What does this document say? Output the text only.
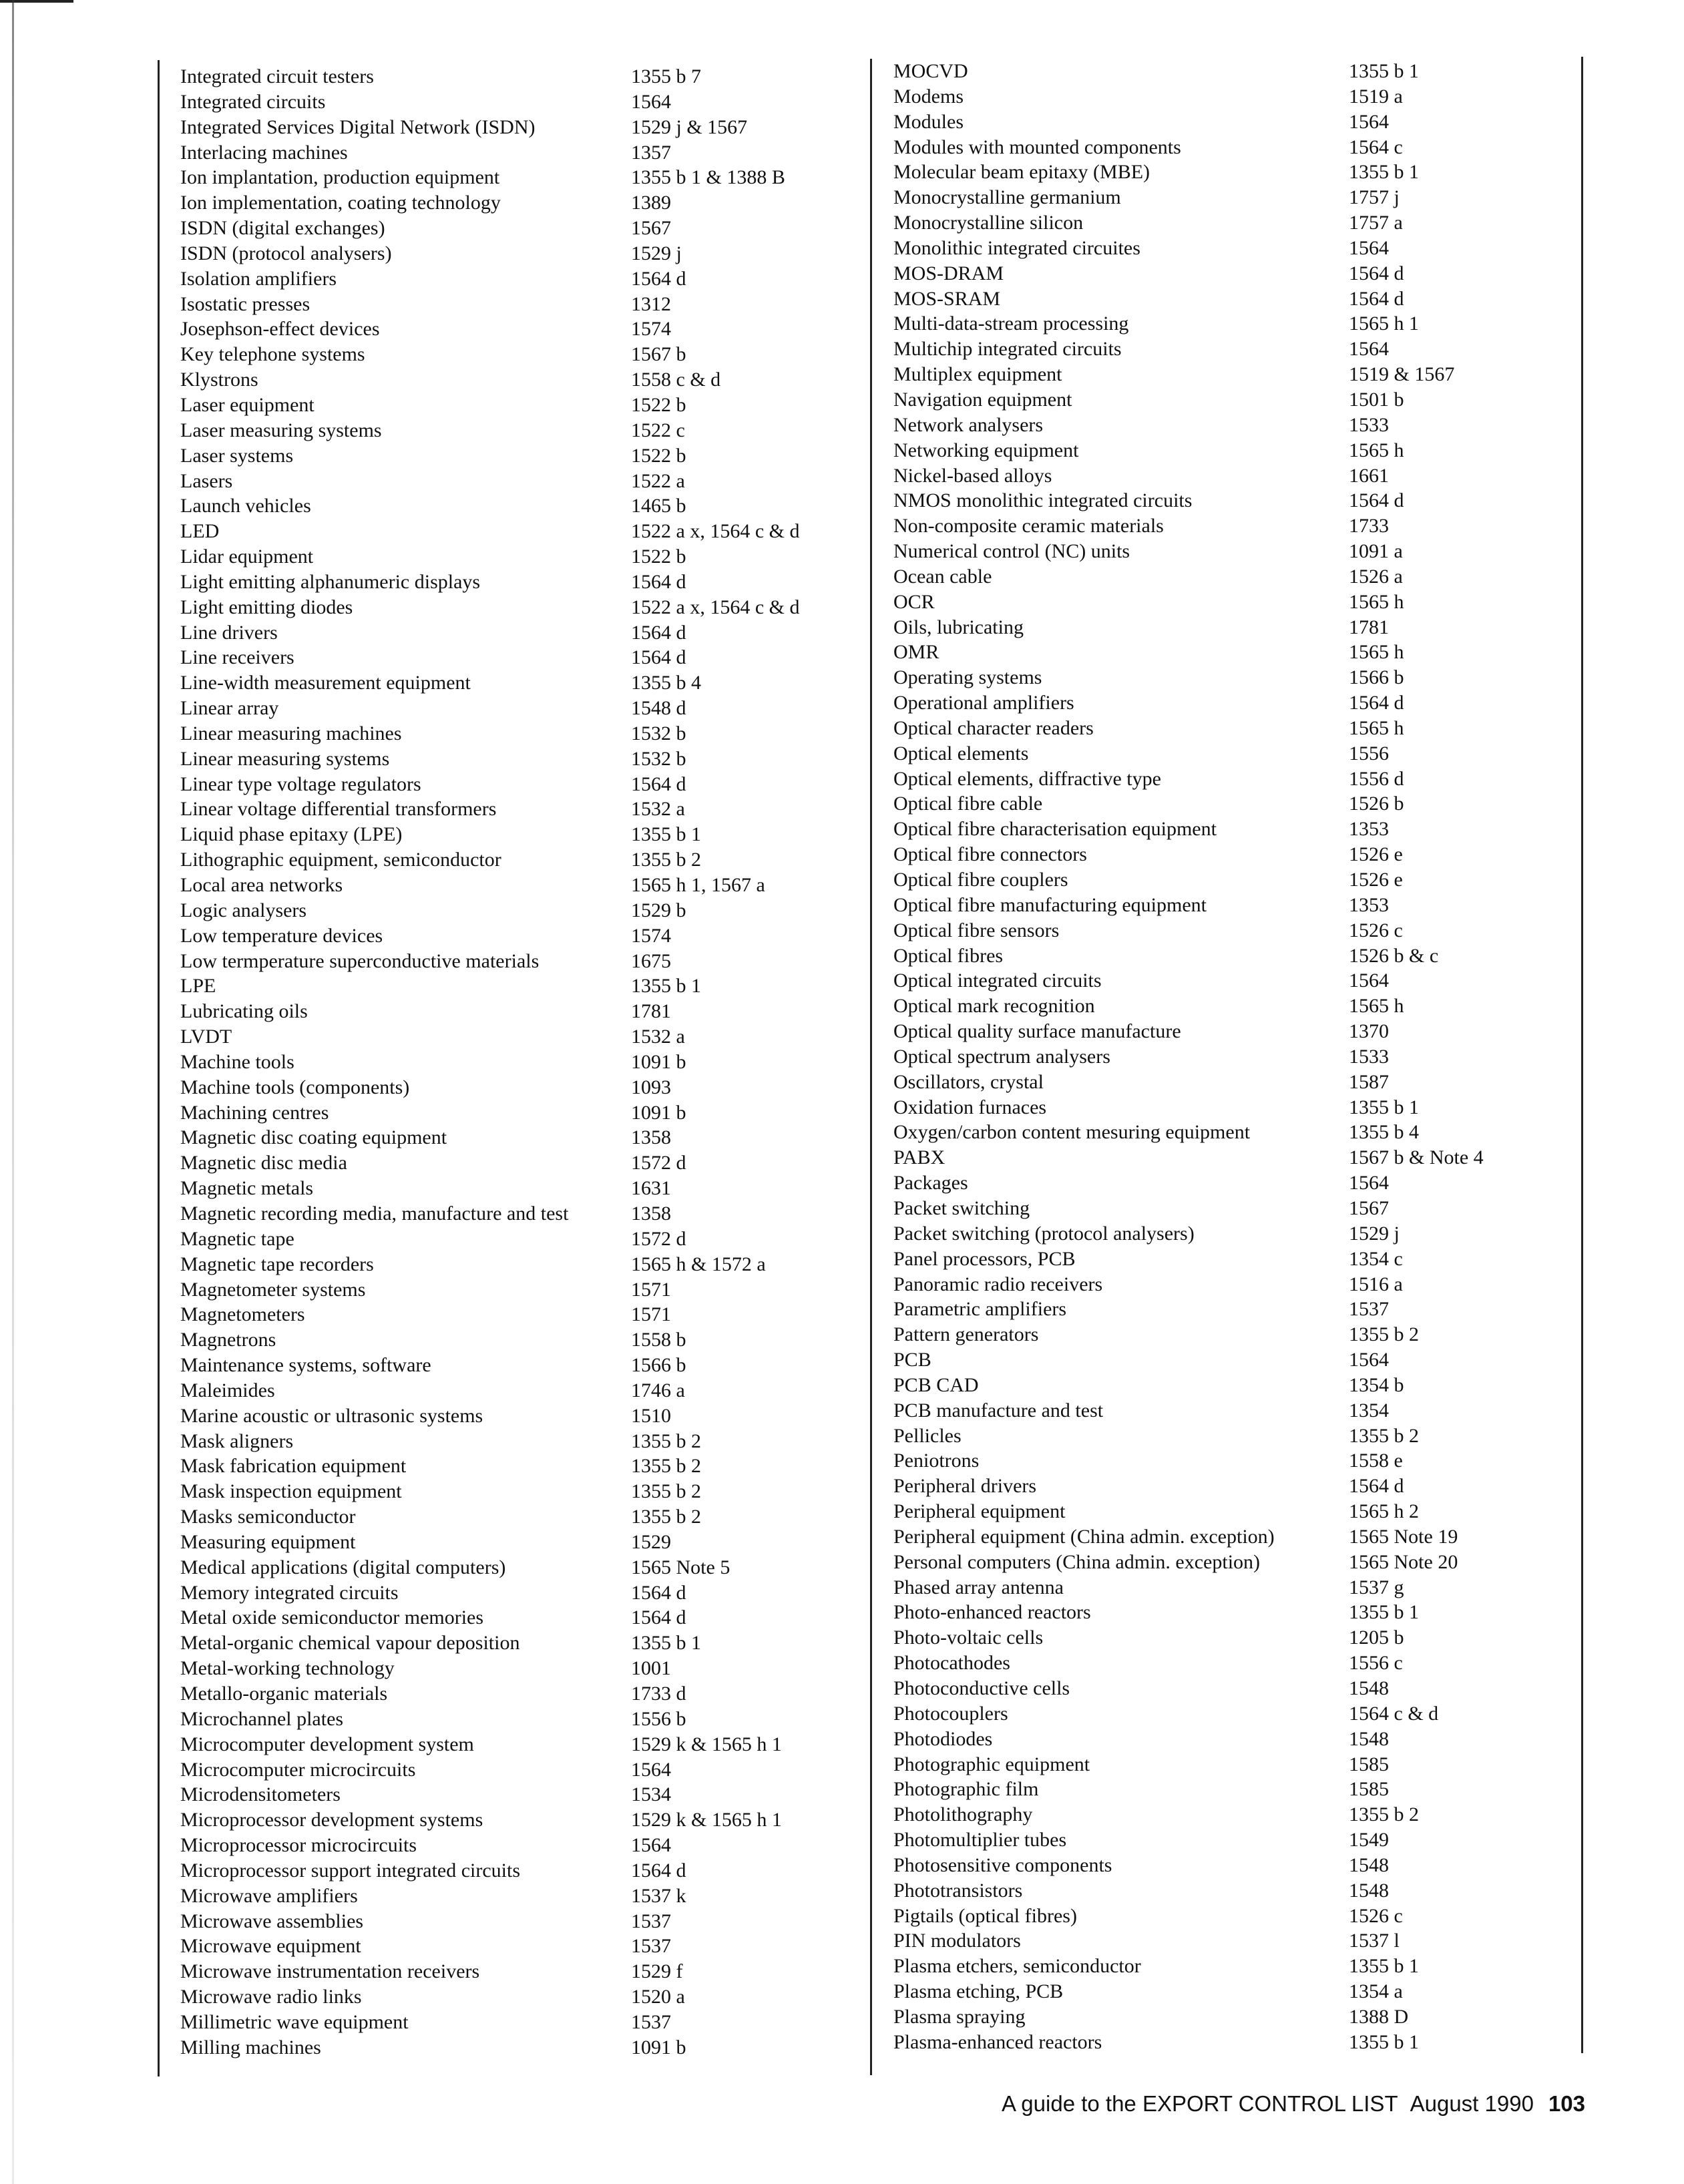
Integrated circuit testers	1355 b 7
Integrated circuits	1564
Integrated Services Digital Network (ISDN)	1529 j & 1567
Interlacing machines	1357
Ion implantation, production equipment	1355 b 1 & 1388 B
Ion implementation, coating technology	1389
ISDN (digital exchanges)	1567
ISDN (protocol analysers)	1529 j
Isolation amplifiers	1564 d
Isostatic presses	1312
Josephson-effect devices	1574
Key telephone systems	1567 b
Klystrons	1558 c & d
Laser equipment	1522 b
Laser measuring systems	1522 c
Laser systems	1522 b
Lasers	1522 a
Launch vehicles	1465 b
LED	1522 a x, 1564 c & d
Lidar equipment	1522 b
Light emitting alphanumeric displays	1564 d
Light emitting diodes	1522 a x, 1564 c & d
Line drivers	1564 d
Line receivers	1564 d
Line-width measurement equipment	1355 b 4
Linear array	1548 d
Linear measuring machines	1532 b
Linear measuring systems	1532 b
Linear type voltage regulators	1564 d
Linear voltage differential transformers	1532 a
Liquid phase epitaxy (LPE)	1355 b 1
Lithographic equipment, semiconductor	1355 b 2
Local area networks	1565 h 1, 1567 a
Logic analysers	1529 b
Low temperature devices	1574
Low termperature superconductive materials	1675
LPE	1355 b 1
Lubricating oils	1781
LVDT	1532 a
Machine tools	1091 b
Machine tools (components)	1093
Machining centres	1091 b
Magnetic disc coating equipment	1358
Magnetic disc media	1572 d
Magnetic metals	1631
Magnetic recording media, manufacture and test	1358
Magnetic tape	1572 d
Magnetic tape recorders	1565 h & 1572 a
Magnetometer systems	1571
Magnetometers	1571
Magnetrons	1558 b
Maintenance systems, software	1566 b
Maleimides	1746 a
Marine acoustic or ultrasonic systems	1510
Mask aligners	1355 b 2
Mask fabrication equipment	1355 b 2
Mask inspection equipment	1355 b 2
Masks semiconductor	1355 b 2
Measuring equipment	1529
Medical applications (digital computers)	1565 Note 5
Memory integrated circuits	1564 d
Metal oxide semiconductor memories	1564 d
Metal-organic chemical vapour deposition	1355 b 1
Metal-working technology	1001
Metallo-organic materials	1733 d
Microchannel plates	1556 b
Microcomputer development system	1529 k & 1565 h 1
Microcomputer microcircuits	1564
Microdensitometers	1534
Microprocessor development systems	1529 k & 1565 h 1
Microprocessor microcircuits	1564
Microprocessor support integrated circuits	1564 d
Microwave amplifiers	1537 k
Microwave assemblies	1537
Microwave equipment	1537
Microwave instrumentation receivers	1529 f
Microwave radio links	1520 a
Millimetric wave equipment	1537
Milling machines	1091 b
MOCVD	1355 b 1
Modems	1519 a
Modules	1564
Modules with mounted components	1564 c
Molecular beam epitaxy (MBE)	1355 b 1
Monocrystalline germanium	1757 j
Monocrystalline silicon	1757 a
Monolithic integrated circuites	1564
MOS-DRAM	1564 d
MOS-SRAM	1564 d
Multi-data-stream processing	1565 h 1
Multichip integrated circuits	1564
Multiplex equipment	1519 & 1567
Navigation equipment	1501 b
Network analysers	1533
Networking equipment	1565 h
Nickel-based alloys	1661
NMOS monolithic integrated circuits	1564 d
Non-composite ceramic materials	1733
Numerical control (NC) units	1091 a
Ocean cable	1526 a
OCR	1565 h
Oils, lubricating	1781
OMR	1565 h
Operating systems	1566 b
Operational amplifiers	1564 d
Optical character readers	1565 h
Optical elements	1556
Optical elements, diffractive type	1556 d
Optical fibre cable	1526 b
Optical fibre characterisation equipment	1353
Optical fibre connectors	1526 e
Optical fibre couplers	1526 e
Optical fibre manufacturing equipment	1353
Optical fibre sensors	1526 c
Optical fibres	1526 b & c
Optical integrated circuits	1564
Optical mark recognition	1565 h
Optical quality surface manufacture	1370
Optical spectrum analysers	1533
Oscillators, crystal	1587
Oxidation furnaces	1355 b 1
Oxygen/carbon content mesuring equipment	1355 b 4
PABX	1567 b & Note 4
Packages	1564
Packet switching	1567
Packet switching (protocol analysers)	1529 j
Panel processors, PCB	1354 c
Panoramic radio receivers	1516 a
Parametric amplifiers	1537
Pattern generators	1355 b 2
PCB	1564
PCB CAD	1354 b
PCB manufacture and test	1354
Pellicles	1355 b 2
Peniotrons	1558 e
Peripheral drivers	1564 d
Peripheral equipment	1565 h 2
Peripheral equipment (China admin. exception)	1565 Note 19
Personal computers (China admin. exception)	1565 Note 20
Phased array antenna	1537 g
Photo-enhanced reactors	1355 b 1
Photo-voltaic cells	1205 b
Photocathodes	1556 c
Photoconductive cells	1548
Photocouplers	1564 c & d
Photodiodes	1548
Photographic equipment	1585
Photographic film	1585
Photolithography	1355 b 2
Photomultiplier tubes	1549
Photosensitive components	1548
Phototransistors	1548
Pigtails (optical fibres)	1526 c
PIN modulators	1537 l
Plasma etchers, semiconductor	1355 b 1
Plasma etching, PCB	1354 a
Plasma spraying	1388 D
Plasma-enhanced reactors	1355 b 1
A guide to the EXPORT CONTROL LIST August 1990 103
